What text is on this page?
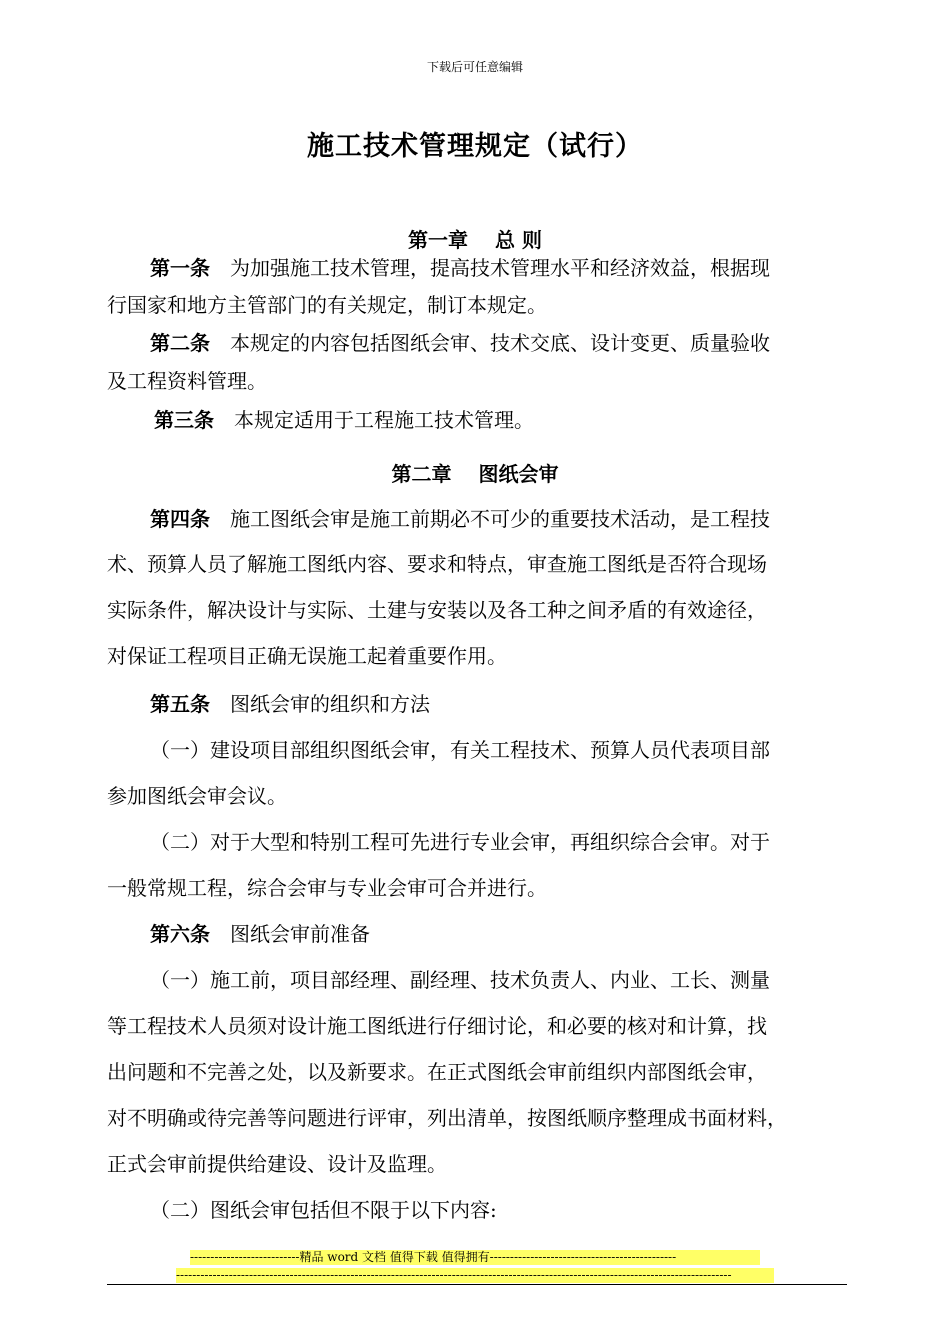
下载后可任意编辑
施工技术管理规定（试行）
第一章　 总 则
第一条　为加强施工技术管理，提高技术管理水平和经济效益，根据现
行国家和地方主管部门的有关规定，制订本规定。
第二条　本规定的内容包括图纸会审、技术交底、设计变更、质量验收
及工程资料管理。
第三条　本规定适用于工程施工技术管理。
第二章　 图纸会审
第四条　施工图纸会审是施工前期必不可少的重要技术活动，是工程技
术、预算人员了解施工图纸内容、要求和特点，审查施工图纸是否符合现场
实际条件，解决设计与实际、土建与安装以及各工种之间矛盾的有效途径，
对保证工程项目正确无误施工起着重要作用。
第五条　图纸会审的组织和方法
（一）建设项目部组织图纸会审，有关工程技术、预算人员代表项目部
参加图纸会审会议。
（二）对于大型和特别工程可先进行专业会审，再组织综合会审。对于
一般常规工程，综合会审与专业会审可合并进行。
第六条　图纸会审前准备
（一）施工前，项目部经理、副经理、技术负责人、内业、工长、测量
等工程技术人员须对设计施工图纸进行仔细讨论，和必要的核对和计算，找
出问题和不完善之处，以及新要求。在正式图纸会审前组织内部图纸会审，
对不明确或待完善等问题进行评审，列出清单，按图纸顺序整理成书面材料，
正式会审前提供给建设、设计及监理。
（二）图纸会审包括但不限于以下内容:
---------------------------精品 word 文档 值得下载 值得拥有----------------------------------------------
-----------------------------------------------------------------------------------------------------------------------------------------
